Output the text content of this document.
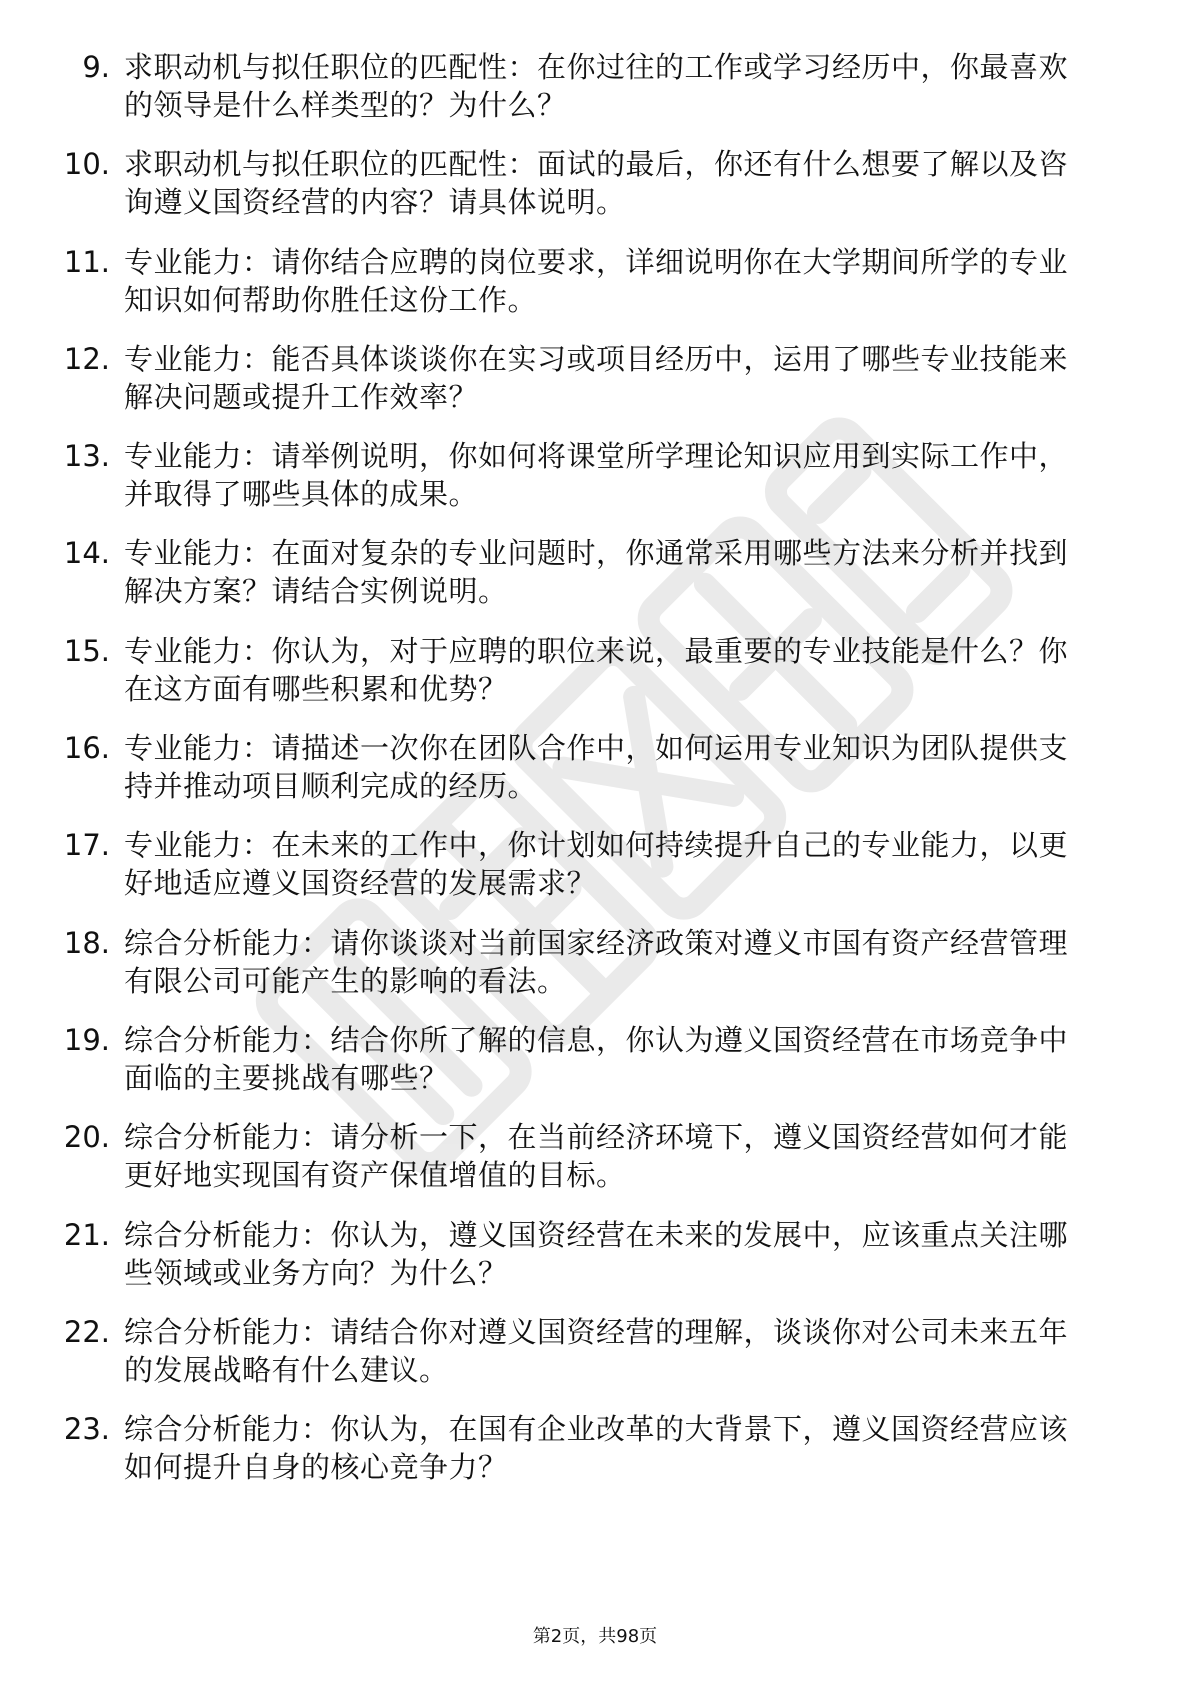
9. 求职动机与拟任职位的匹配性：在你过往的工作或学习经历中，你最喜欢的领导是什么样类型的？为什么？
10. 求职动机与拟任职位的匹配性：面试的最后，你还有什么想要了解以及咨询遵义国资经营的内容？请具体说明。
11. 专业能力：请你结合应聘的岗位要求，详细说明你在大学期间所学的专业知识如何帮助你胜任这份工作。
12. 专业能力：能否具体谈谈你在实习或项目经历中，运用了哪些专业技能来解决问题或提升工作效率？
13. 专业能力：请举例说明，你如何将课堂所学理论知识应用到实际工作中，并取得了哪些具体的成果。
14. 专业能力：在面对复杂的专业问题时，你通常采用哪些方法来分析并找到解决方案？请结合实例说明。
15. 专业能力：你认为，对于应聘的职位来说，最重要的专业技能是什么？你在这方面有哪些积累和优势？
16. 专业能力：请描述一次你在团队合作中，如何运用专业知识为团队提供支持并推动项目顺利完成的经历。
17. 专业能力：在未来的工作中，你计划如何持续提升自己的专业能力，以更好地适应遵义国资经营的发展需求？
18. 综合分析能力：请你谈谈对当前国家经济政策对遵义市国有资产经营管理有限公司可能产生的影响的看法。
19. 综合分析能力：结合你所了解的信息，你认为遵义国资经营在市场竞争中面临的主要挑战有哪些？
20. 综合分析能力：请分析一下，在当前经济环境下，遵义国资经营如何才能更好地实现国有资产保值增值的目标。
21. 综合分析能力：你认为，遵义国资经营在未来的发展中，应该重点关注哪些领域或业务方向？为什么？
22. 综合分析能力：请结合你对遵义国资经营的理解，谈谈你对公司未来五年的发展战略有什么建议。
23. 综合分析能力：你认为，在国有企业改革的大背景下，遵义国资经营应该如何提升自身的核心竞争力？
第2页，共98页
